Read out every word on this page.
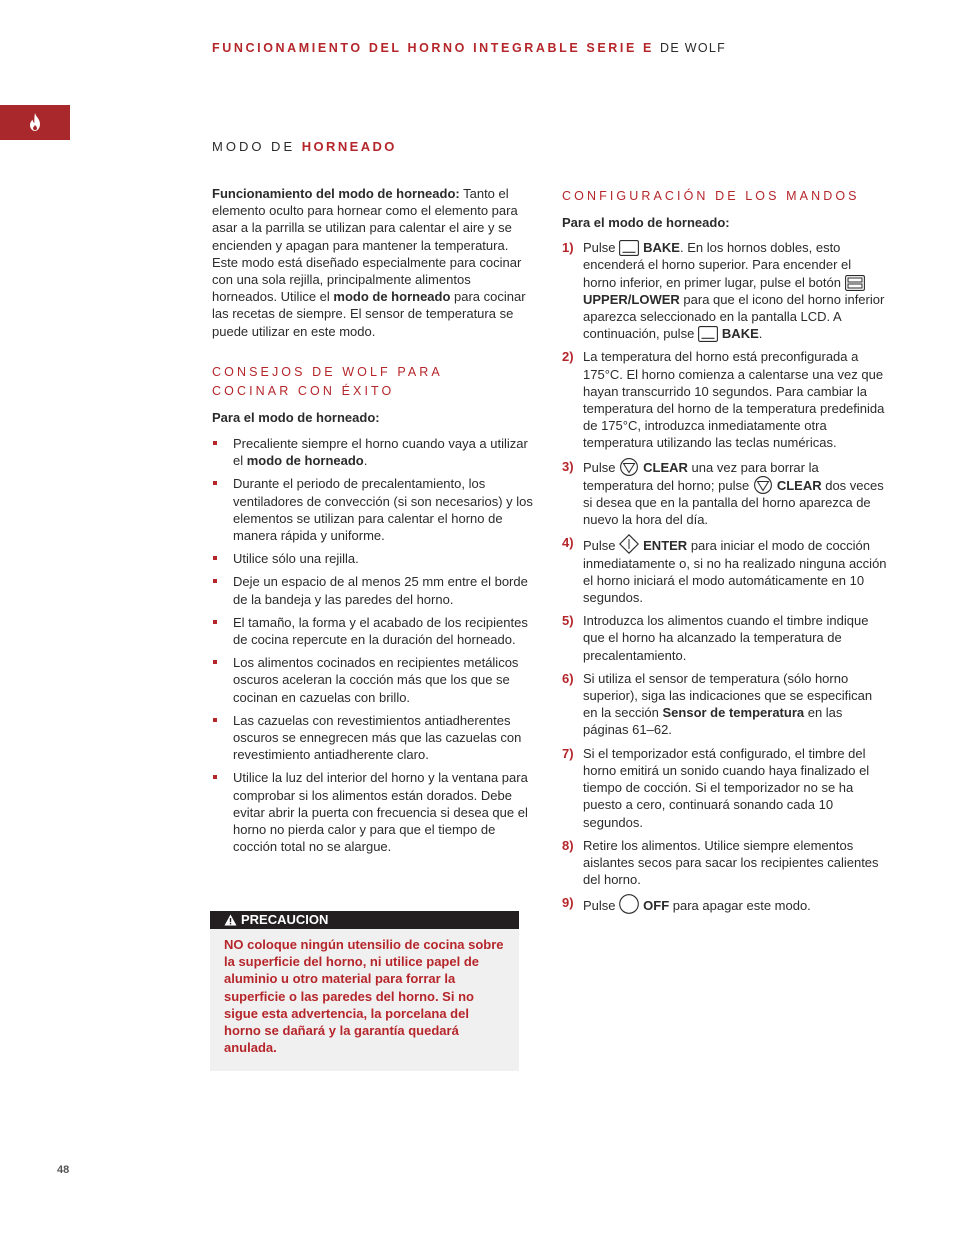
FUNCIONAMIENTO DEL HORNO INTEGRABLE SERIE E DE WOLF
MODO DE HORNEADO

Funcionamiento del modo de horneado: Tanto el elemento oculto para hornear como el elemento para asar a la parrilla se utilizan para calentar el aire y se encienden y apagan para mantener la temperatura. Este modo está diseñado especialmente para cocinar con una sola rejilla, principalmente alimentos horneados. Utilice el modo de horneado para cocinar las recetas de siempre. El sensor de temperatura se puede utilizar en este modo.

CONSEJOS DE WOLF PARA
COCINAR CON ÉXITO

Para el modo de horneado:

Precaliente siempre el horno cuando vaya a utilizar el modo de horneado.
Durante el periodo de precalentamiento, los ventiladores de convección (si son necesarios) y los elementos se utilizan para calentar el horno de manera rápida y uniforme.
Utilice sólo una rejilla.
Deje un espacio de al menos 25 mm entre el borde de la bandeja y las paredes del horno.
El tamaño, la forma y el acabado de los recipientes de cocina repercute en la duración del horneado.
Los alimentos cocinados en recipientes metálicos oscuros aceleran la cocción más que los que se cocinan en cazuelas con brillo.
Las cazuelas con revestimientos antiadherentes oscuros se ennegrecen más que las cazuelas con revestimiento antiadherente claro.
Utilice la luz del interior del horno y la ventana para comprobar si los alimentos están dorados. Debe evitar abrir la puerta con frecuencia si desea que el horno no pierda calor y para que el tiempo de cocción total no se alargue.
PRECAUCION
NO coloque ningún utensilio de cocina sobre la superficie del horno, ni utilice papel de aluminio u otro material para forrar la superficie o las paredes del horno. Si no sigue esta advertencia, la porcelana del horno se dañará y la garantía quedará anulada.
CONFIGURACIÓN DE LOS MANDOS

Para el modo de horneado:

1) Pulse
BAKE. En los hornos dobles, esto encenderá el horno superior. Para encender el horno inferior, en primer lugar, pulse el botón
UPPER/LOWER para que el icono del horno inferior aparezca seleccionado en la pantalla LCD. A continuación, pulse
BAKE.
2) La temperatura del horno está preconfigurada a 175°C. El horno comienza a calentarse una vez que hayan transcurrido 10 segundos. Para cambiar la temperatura del horno de la temperatura predefinida de 175°C, introduzca inmediatamente otra temperatura utilizando las teclas numéricas.
3) Pulse
CLEAR una vez para borrar la temperatura del horno; pulse
CLEAR dos veces si desea que en la pantalla del horno aparezca de nuevo la hora del día.
4) Pulse
ENTER para iniciar el modo de cocción inmediatamente o, si no ha realizado ninguna acción el horno iniciará el modo automáticamente en 10 segundos.
5) Introduzca los alimentos cuando el timbre indique que el horno ha alcanzado la temperatura de precalentamiento.
6) Si utiliza el sensor de temperatura (sólo horno superior), siga las indicaciones que se especifican en la sección Sensor de temperatura en las páginas 61–62.
7) Si el temporizador está configurado, el timbre del horno emitirá un sonido cuando haya finalizado el tiempo de cocción. Si el temporizador no se ha puesto a cero, continuará sonando cada 10 segundos.
8) Retire los alimentos. Utilice siempre elementos aislantes secos para sacar los recipientes calientes del horno.
9) Pulse
OFF para apagar este modo.
48
